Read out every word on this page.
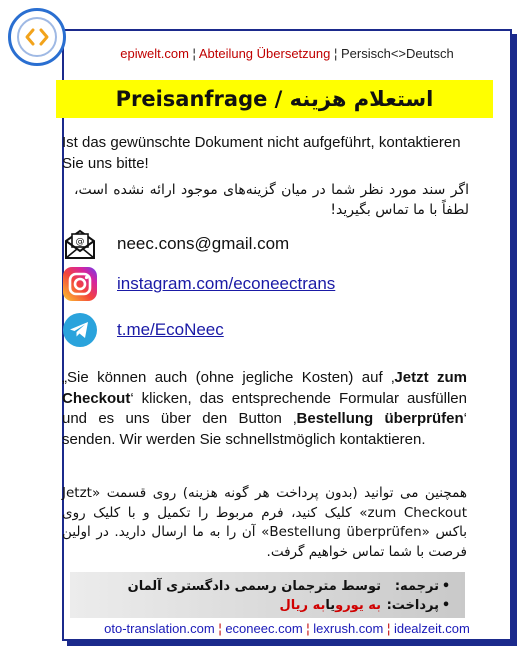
epiwelt.com ¦ Abteilung Übersetzung ¦ Persisch<>Deutsch
Preisanfrage / استعلام هزینه
Ist das gewünschte Dokument nicht aufgeführt, kontaktieren Sie uns bitte!
اگر سند مورد نظر شما در میان گزینه‌های موجود ارائه نشده است، لطفاً با ما تماس بگیرید!
@ neec.cons@gmail.com
instagram.com/econeectrans
t.me/EcoNeec
„Sie können auch (ohne jegliche Kosten) auf ‚Jetzt zum Checkout‘ klicken, das entsprechende Formular ausfüllen und es uns über den Button ‚Bestellung überprüfen‘ senden. Wir werden Sie schnellstmöglich kontaktieren.
همچنین می توانید (بدون پرداخت هر گونه هزینه) روی قسمت «Jetzt zum Checkout» کلیک کنید، فرم مربوط را تکمیل و با کلیک روی باکس «Bestellung überprüfen» آن را به ما ارسال دارید. در اولین فرصت با شما تماس خواهیم گرفت.
•
ترجمه:
توسط مترجمان رسمی دادگستری آلمان
•
پرداخت:
به یورو
یا
به ریال
oto-translation.com ¦ econeec.com ¦ lexrush.com ¦ idealzeit.com
